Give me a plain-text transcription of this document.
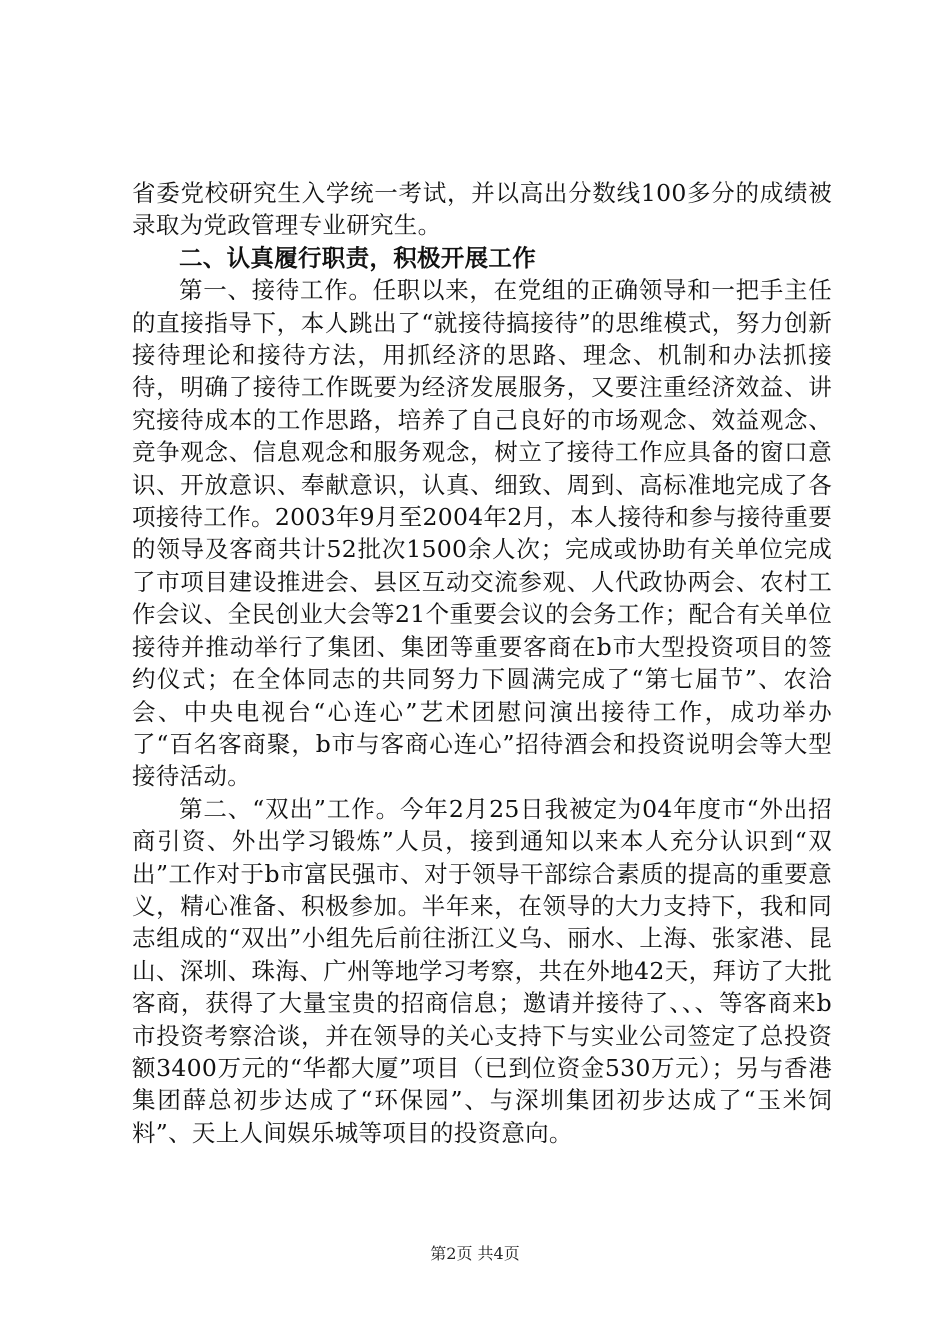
省委党校研究生入学统一考试，并以高出分数线100多分的成绩被录取为党政管理专业研究生。

二、认真履行职责，积极开展工作

第一、接待工作。任职以来，在党组的正确领导和一把手主任的直接指导下，本人跳出了“就接待搞接待”的思维模式，努力创新接待理论和接待方法，用抓经济的思路、理念、机制和办法抓接待，明确了接待工作既要为经济发展服务，又要注重经济效益、讲究接待成本的工作思路，培养了自己良好的市场观念、效益观念、竞争观念、信息观念和服务观念，树立了接待工作应具备的窗口意识、开放意识、奉献意识，认真、细致、周到、高标准地完成了各项接待工作。2003年9月至2004年2月，本人接待和参与接待重要的领导及客商共计52批次1500余人次；完成或协助有关单位完成了市项目建设推进会、县区互动交流参观、人代政协两会、农村工作会议、全民创业大会等21个重要会议的会务工作；配合有关单位接待并推动举行了集团、集团等重要客商在b市大型投资项目的签约仪式；在全体同志的共同努力下圆满完成了“第七届节”、农洽会、中央电视台“心连心”艺术团慰问演出接待工作，成功举办了“百名客商聚，b市与客商心连心”招待酒会和投资说明会等大型接待活动。

第二、“双出”工作。今年2月25日我被定为04年度市“外出招商引资、外出学习锻炼”人员，接到通知以来本人充分认识到“双出”工作对于b市富民强市、对于领导干部综合素质的提高的重要意义，精心准备、积极参加。半年来，在领导的大力支持下，我和同志组成的“双出”小组先后前往浙江义乌、丽水、上海、张家港、昆山、深圳、珠海、广州等地学习考察，共在外地42天，拜访了大批客商，获得了大量宝贵的招商信息；邀请并接待了、、、等客商来b市投资考察洽谈，并在领导的关心支持下与实业公司签定了总投资额3400万元的“华都大厦”项目（已到位资金530万元）；另与香港集团薛总初步达成了“环保园”、与深圳集团初步达成了“玉米饲料”、天上人间娱乐城等项目的投资意向。

第2页 共4页
